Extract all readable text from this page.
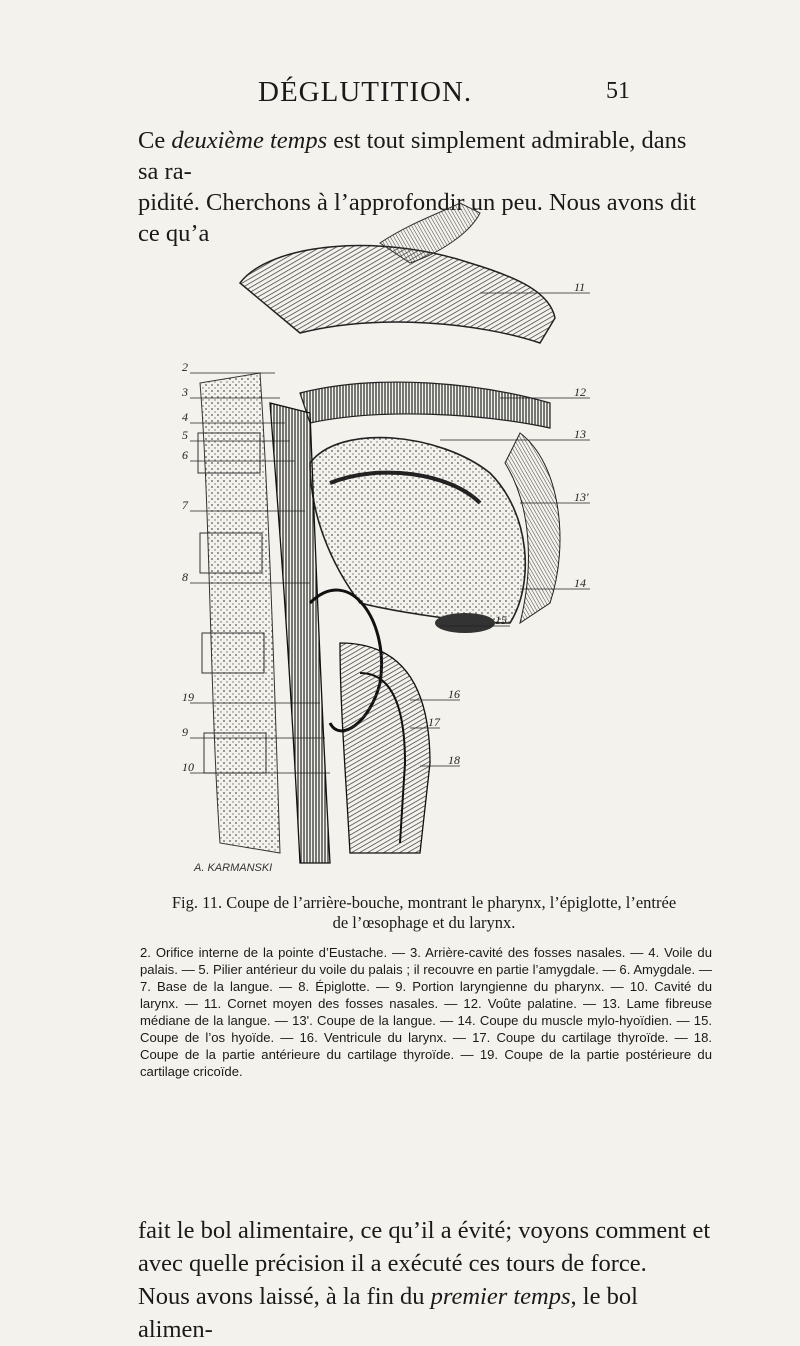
DÉGLUTITION.	51
Ce deuxième temps est tout simplement admirable, dans sa ra-
pidité. Cherchons à l’approfondir un peu. Nous avons dit ce qu’a
2
3
4
5
6
7
8
19
9
10
11
12
13
13'
14
15
16
17
18
A. KARMANSKI
Fig. 11. Coupe de l’arrière-bouche, montrant le pharynx, l’épiglotte, l’entrée
de l’œsophage et du larynx.
2. Orifice interne de la pointe d’Eustache. — 3. Arrière-cavité des fosses nasales. — 4. Voile du palais. — 5. Pilier antérieur du voile du palais ; il recouvre en partie l’amygdale. — 6. Amygdale. — 7. Base de la langue. — 8. Épiglotte. — 9. Portion laryngienne du pharynx. — 10. Cavité du larynx. — 11. Cornet moyen des fosses nasales. — 12. Voûte palatine. — 13. Lame fibreuse médiane de la langue. — 13'. Coupe de la langue. — 14. Coupe du muscle mylo-hyoïdien. — 15. Coupe de l’os hyoïde. — 16. Ventricule du larynx. — 17. Coupe du cartilage thyroïde. — 18. Coupe de la partie antérieure du cartilage thyroïde. — 19. Coupe de la partie postérieure du cartilage cricoïde.
fait le bol alimentaire, ce qu’il a évité; voyons comment et
avec quelle précision il a exécuté ces tours de force.
Nous avons laissé, à la fin du premier temps, le bol alimen-
